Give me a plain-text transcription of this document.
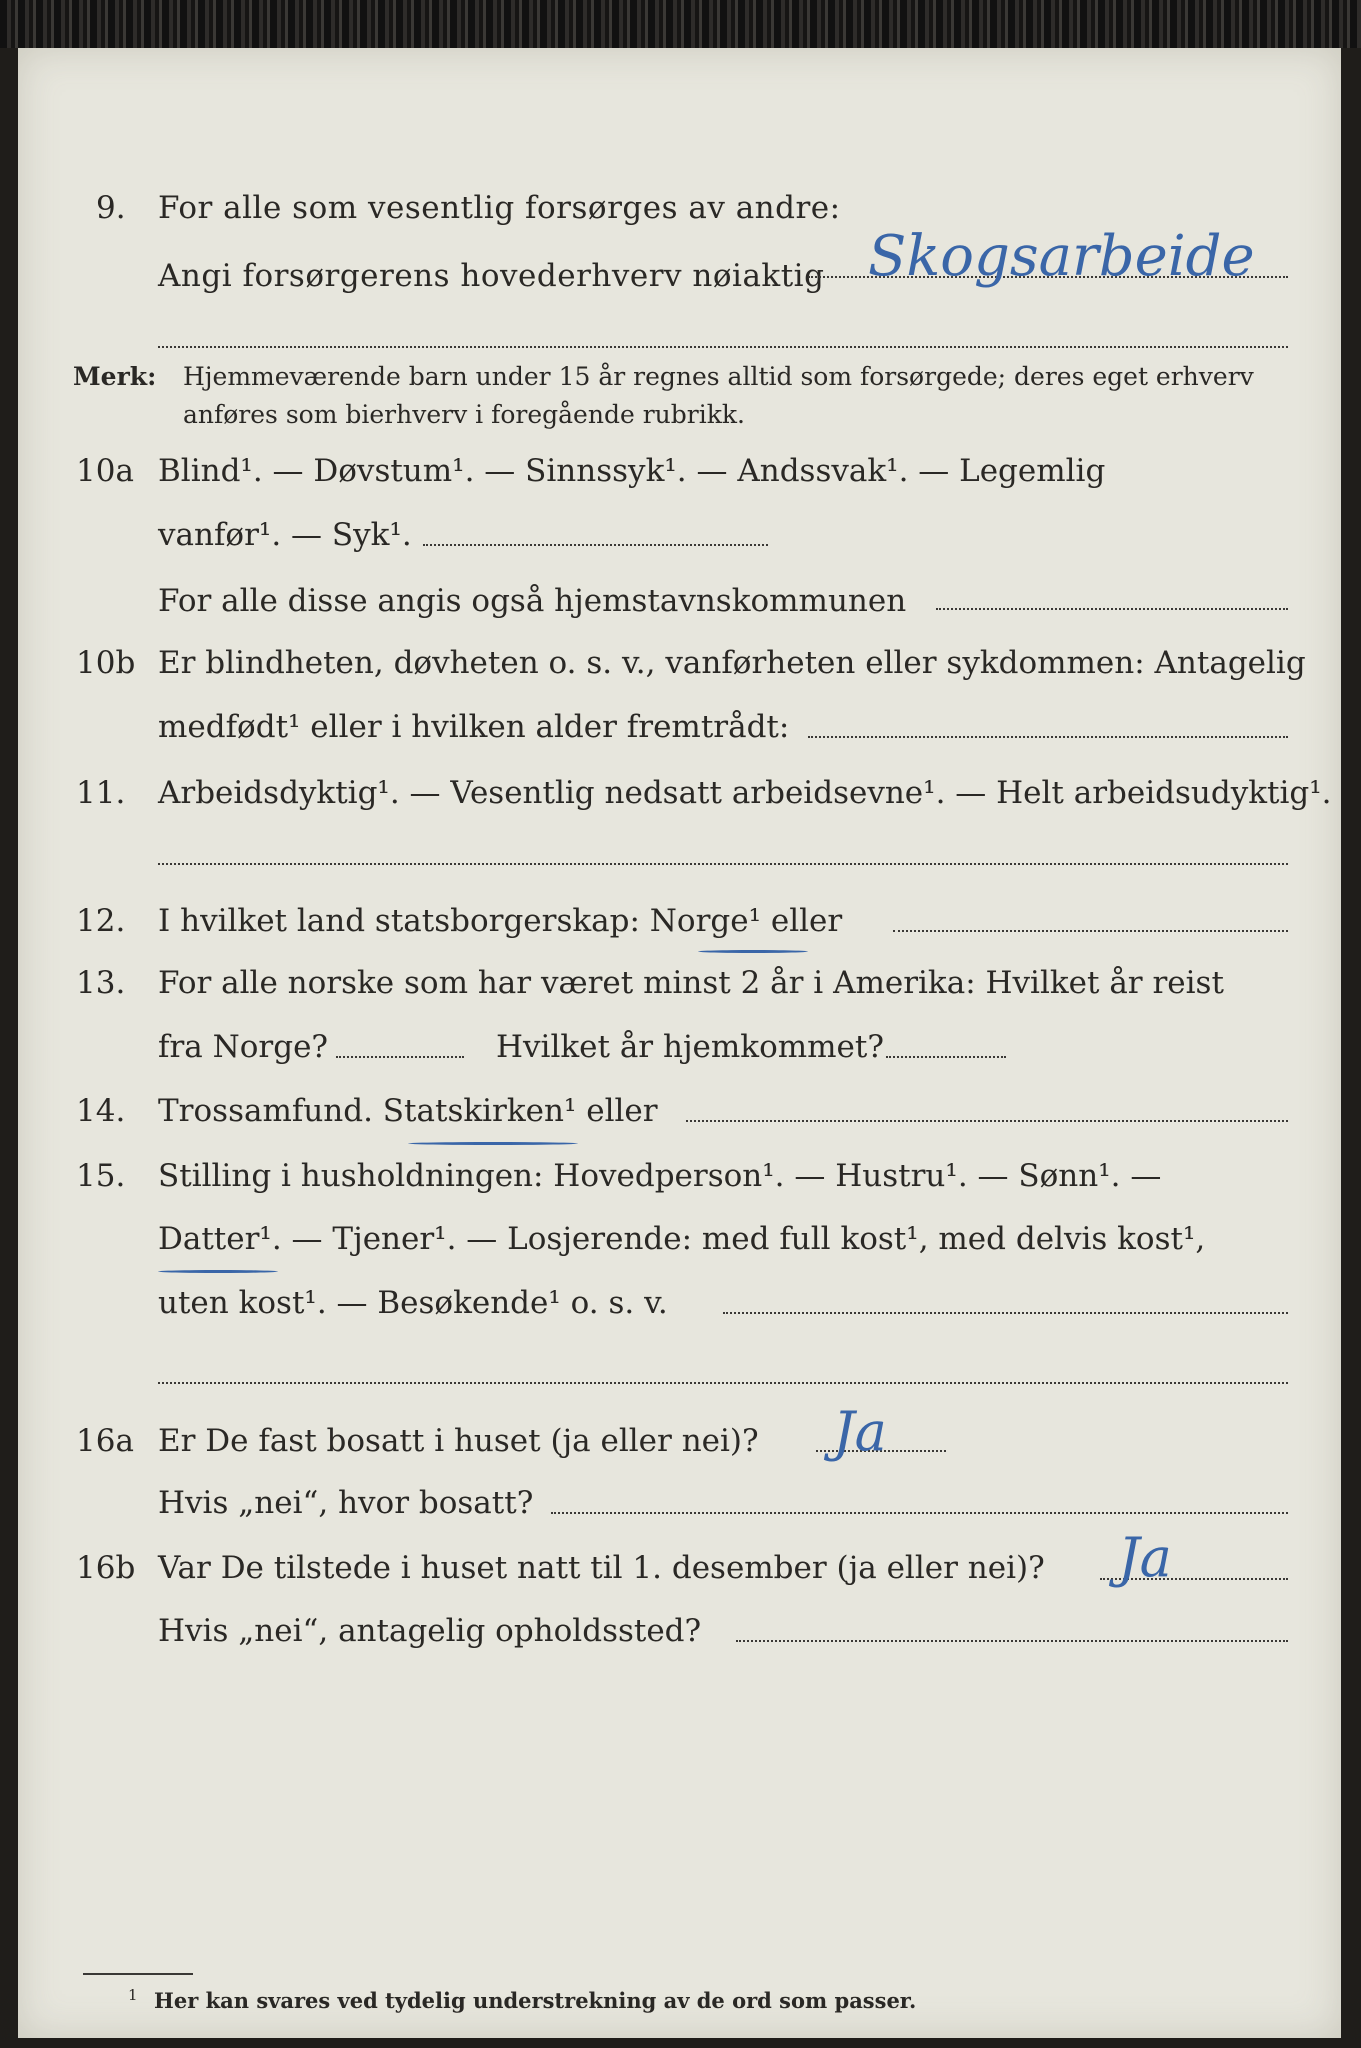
9. For alle som vesentlig forsørges av andre:
Angi forsørgerens hovederhverv nøiaktig Skogsarbeide
Merk: Hjemmeværende barn under 15 år regnes alltid som forsørgede; deres eget erhverv
anføres som bierhverv i foregående rubrikk.
10a Blind¹. — Døvstum¹. — Sinnssyk¹. — Andssvak¹. — Legemlig
vanfør¹. — Syk¹.
For alle disse angis også hjemstavnskommunen
10b Er blindheten, døvheten o. s. v., vanførheten eller sykdommen: Antagelig
medfødt¹ eller i hvilken alder fremtrådt:
11. Arbeidsdyktig¹. — Vesentlig nedsatt arbeidsevne¹. — Helt arbeidsudyktig¹.
12. I hvilket land statsborgerskap: Norge¹ eller
13. For alle norske som har været minst 2 år i Amerika: Hvilket år reist
fra Norge?	Hvilket år hjemkommet?
14. Trossamfund. Statskirken¹ eller
15. Stilling i husholdningen: Hovedperson¹. — Hustru¹. — Sønn¹. —
Datter¹. — Tjener¹. — Losjerende: med full kost¹, med delvis kost¹,
uten kost¹. — Besøkende¹ o. s. v.
16a Er De fast bosatt i huset (ja eller nei)? Ja
Hvis „nei“, hvor bosatt?
16b Var De tilstede i huset natt til 1. desember (ja eller nei)? Ja
Hvis „nei“, antagelig opholdssted?
1 Her kan svares ved tydelig understrekning av de ord som passer.
